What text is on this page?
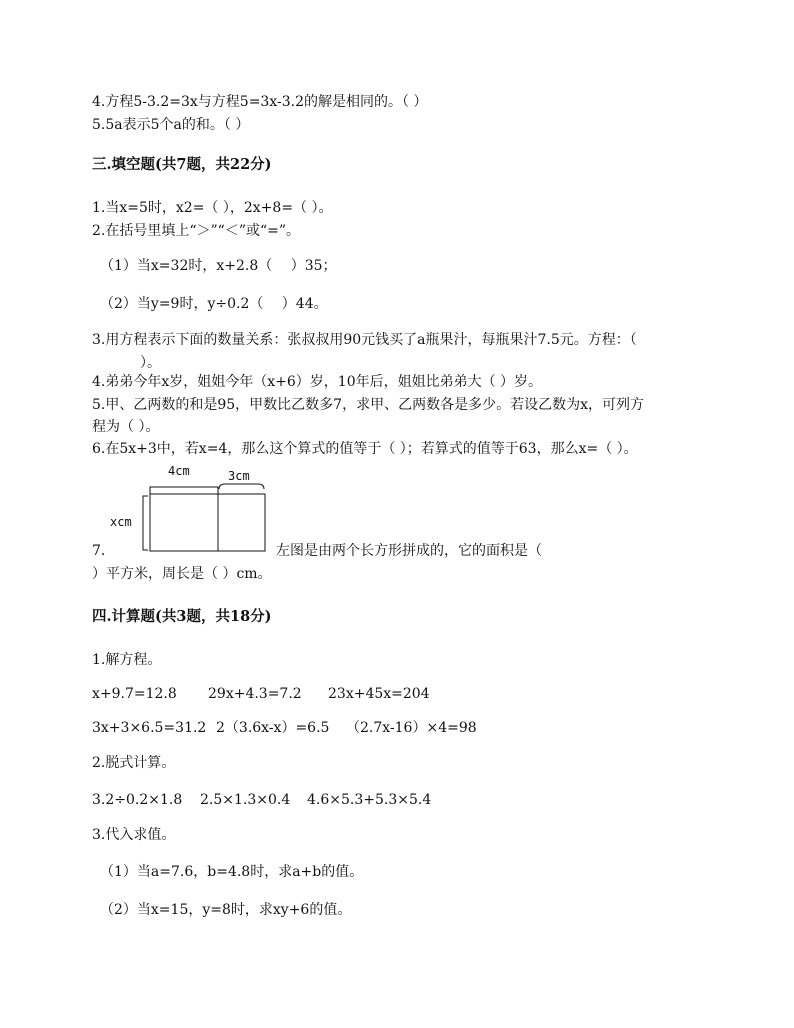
4.方程5-3.2=3x与方程5=3x-3.2的解是相同的。（ ）
5.5a表示5个a的和。（ ）
三.填空题(共7题，共22分)
1.当x=5时，x2=（ ），2x+8=（ ）。
2.在括号里填上“＞”“＜”或“=”。
（1）当x=32时，x+2.8（　 ）35；
（2）当y=9时，y÷0.2（　 ）44。
3.用方程表示下面的数量关系：张叔叔用90元钱买了a瓶果汁，每瓶果汁7.5元。方程：（
）。
4.弟弟今年x岁，姐姐今年（x+6）岁，10年后，姐姐比弟弟大（ ）岁。
5.甲、乙两数的和是95，甲数比乙数多7，求甲、乙两数各是多少。若设乙数为x，可列方
程为（ ）。
6.在5x+3中，若x=4，那么这个算式的值等于（ ）；若算式的值等于63，那么x=（ ）。
4cm	3cm
xcm
7.	左图是由两个长方形拼成的，它的面积是（
）平方米，周长是（ ）cm。
四.计算题(共3题，共18分)
1.解方程。
x+9.7=12.8 29x+4.3=7.2 23x+45x=204
3x+3×6.5=31.2 2（3.6x-x）=6.5 （2.7x-16）×4=98
2.脱式计算。
3.2÷0.2×1.8 2.5×1.3×0.4 4.6×5.3+5.3×5.4
3.代入求值。
（1）当a=7.6，b=4.8时，求a+b的值。
（2）当x=15，y=8时，求xy+6的值。
